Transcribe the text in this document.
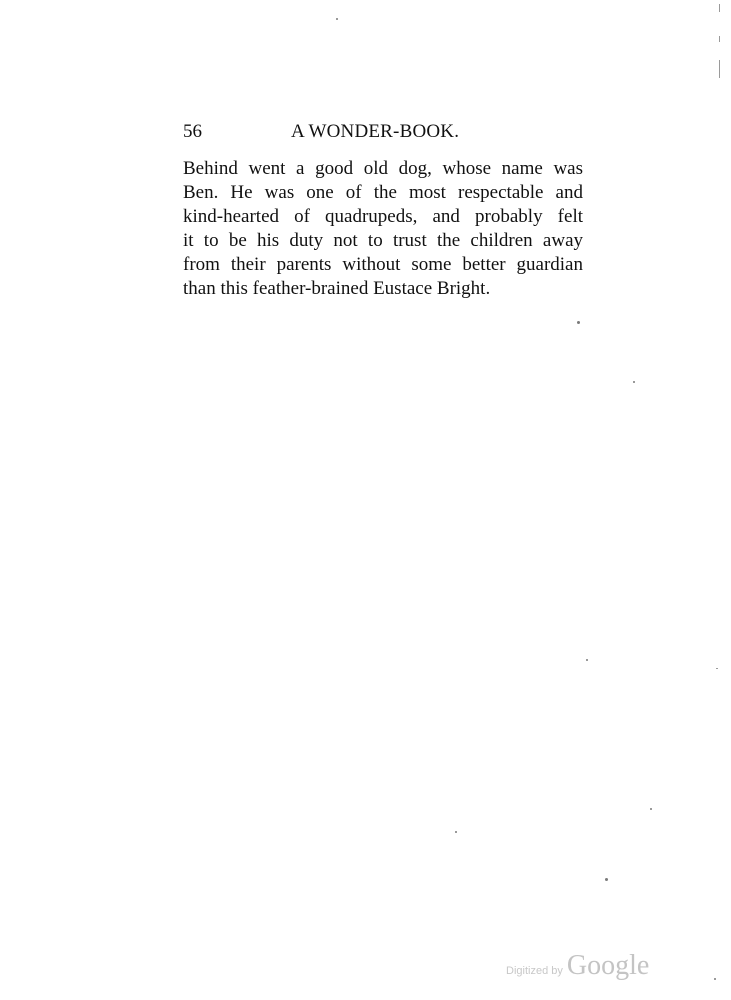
56	A WONDER-BOOK.
Behind went a good old dog, whose name was
Ben. He was one of the most respectable and
kind-hearted of quadrupeds, and probably felt
it to be his duty not to trust the children away
from their parents without some better guardian
than this feather-brained Eustace Bright.
Digitized by Google
